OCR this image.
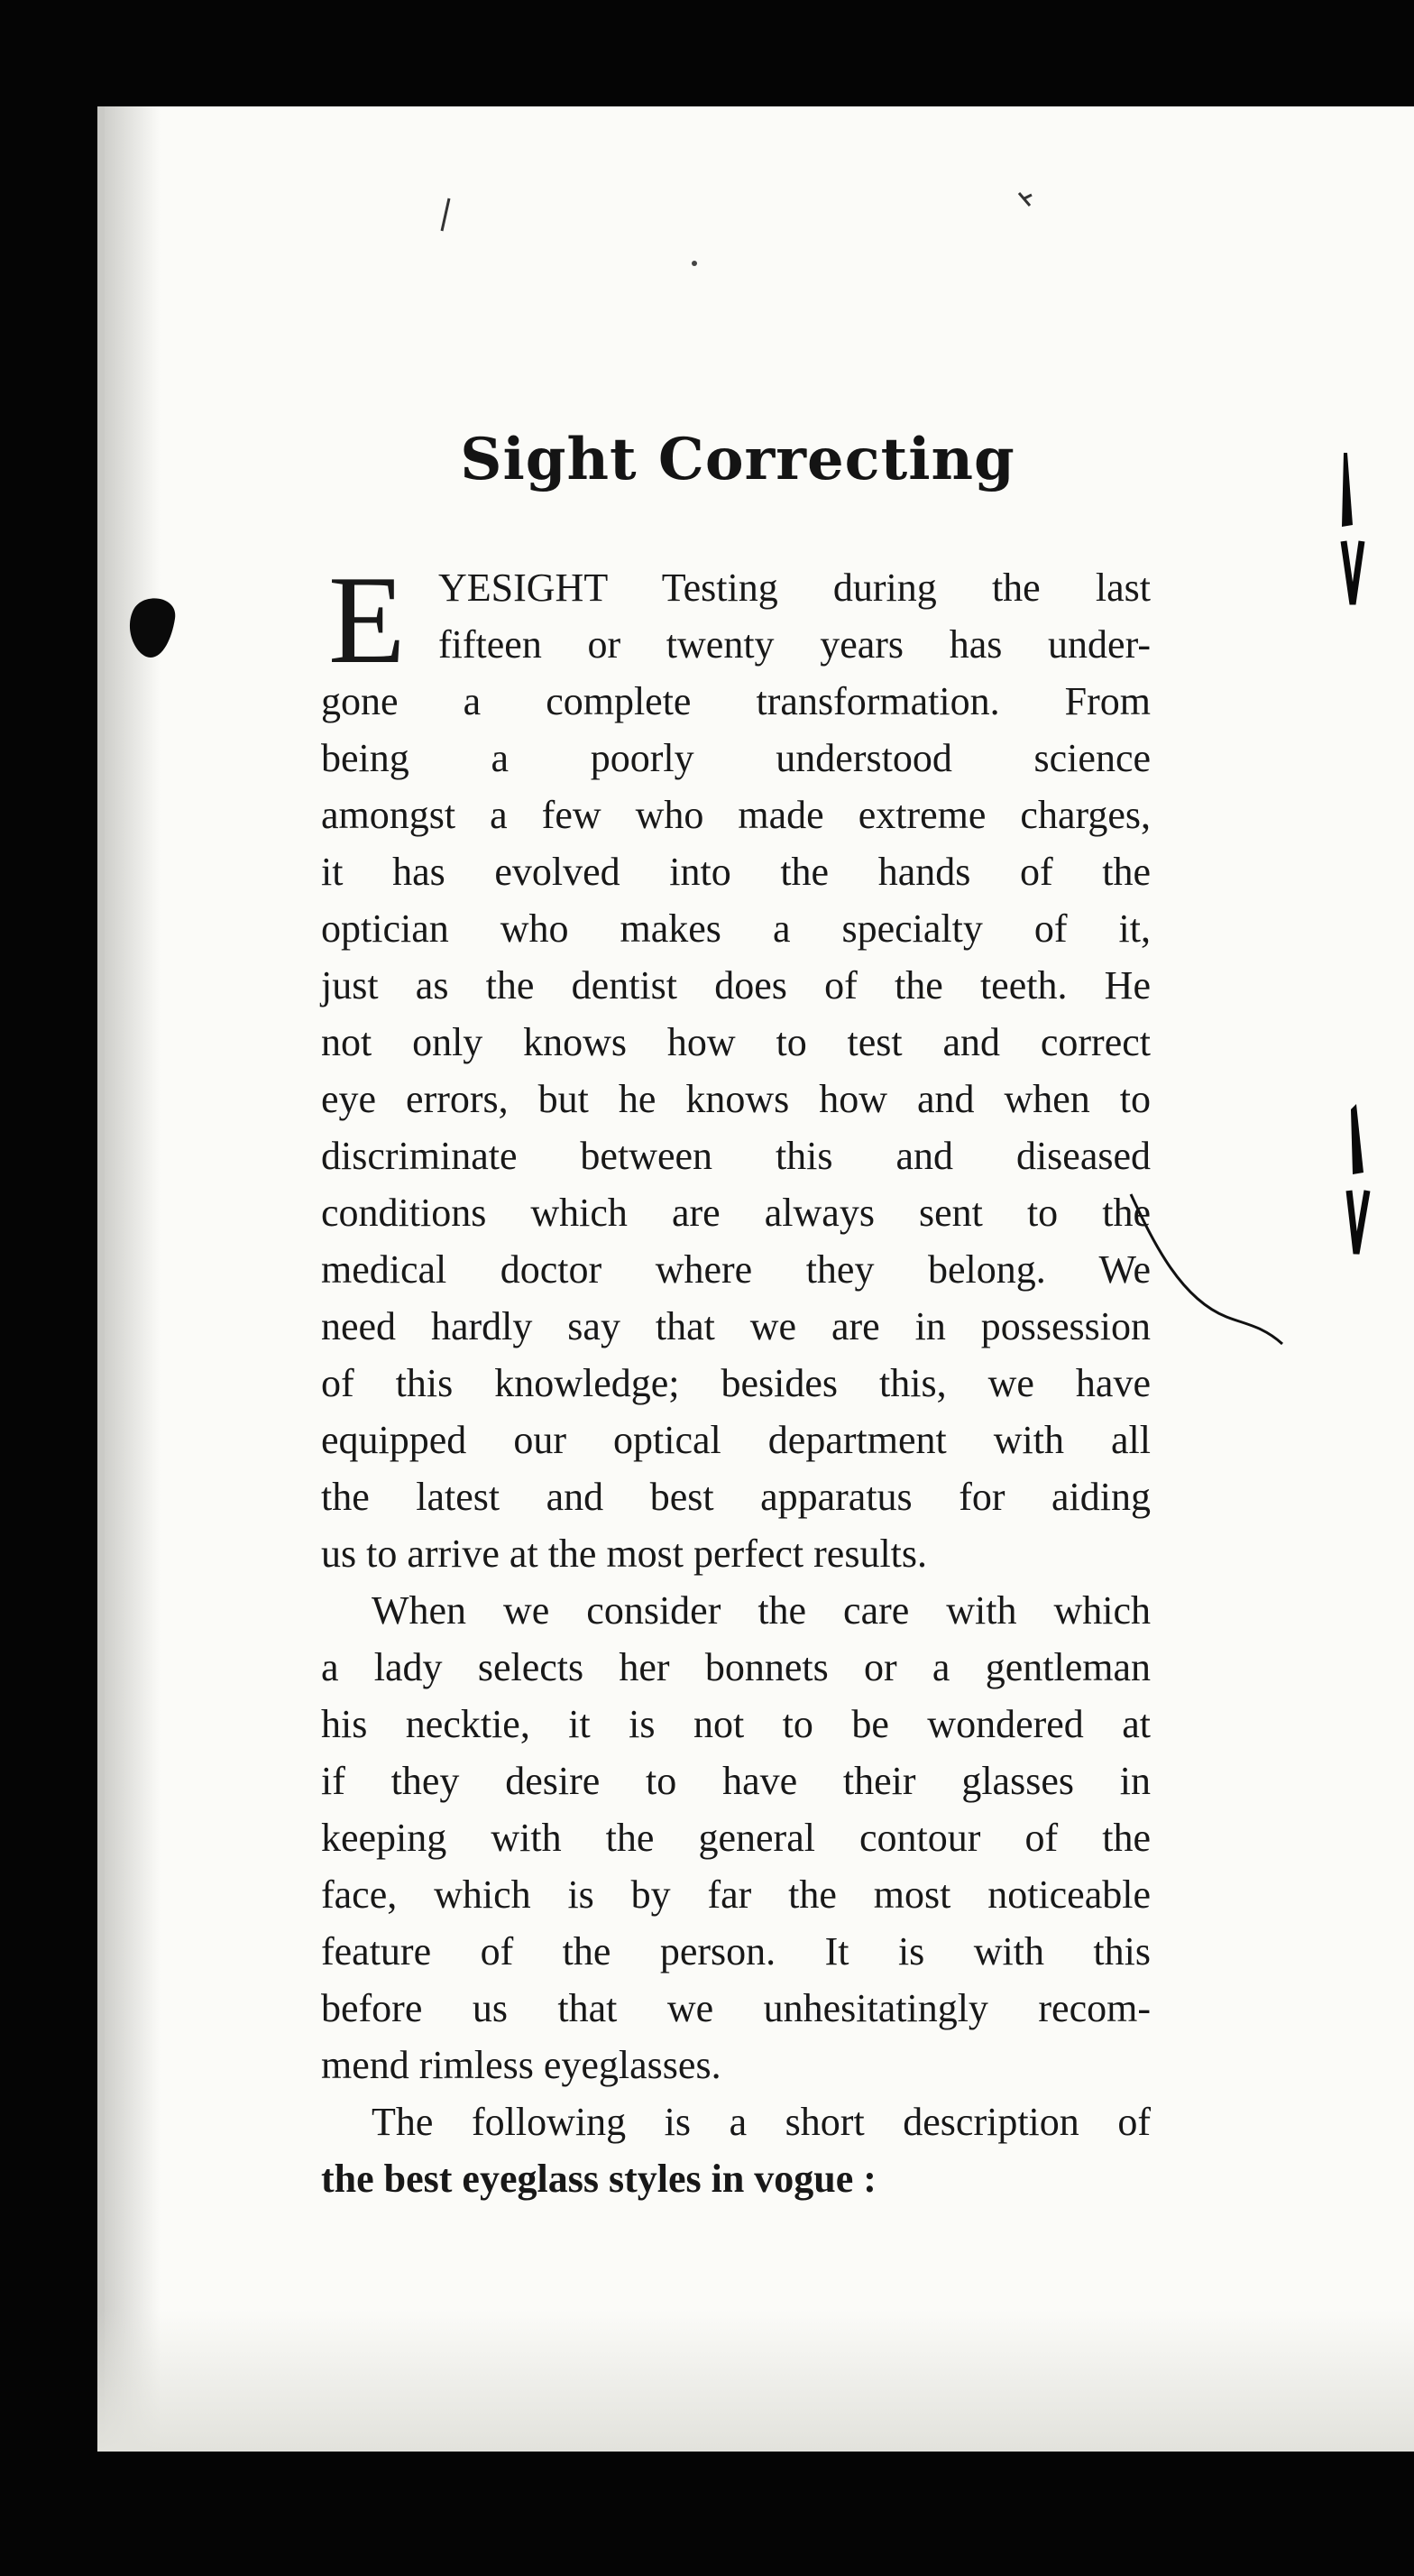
Sight Correcting
E YESIGHT Testing during the last
fifteen or twenty years has under-
gone a complete transformation. From
being a poorly understood science
amongst a few who made extreme charges,
it has evolved into the hands of the
optician who makes a specialty of it,
just as the dentist does of the teeth. He
not only knows how to test and correct
eye errors, but he knows how and when to
discriminate between this and diseased
conditions which are always sent to the
medical doctor where they belong. We
need hardly say that we are in possession
of this knowledge; besides this, we have
equipped our optical department with all
the latest and best apparatus for aiding
us to arrive at the most perfect results.
When we consider the care with which
a lady selects her bonnets or a gentleman
his necktie, it is not to be wondered at
if they desire to have their glasses in
keeping with the general contour of the
face, which is by far the most noticeable
feature of the person. It is with this
before us that we unhesitatingly recom-
mend rimless eyeglasses.
The following is a short description of
the best eyeglass styles in vogue :
